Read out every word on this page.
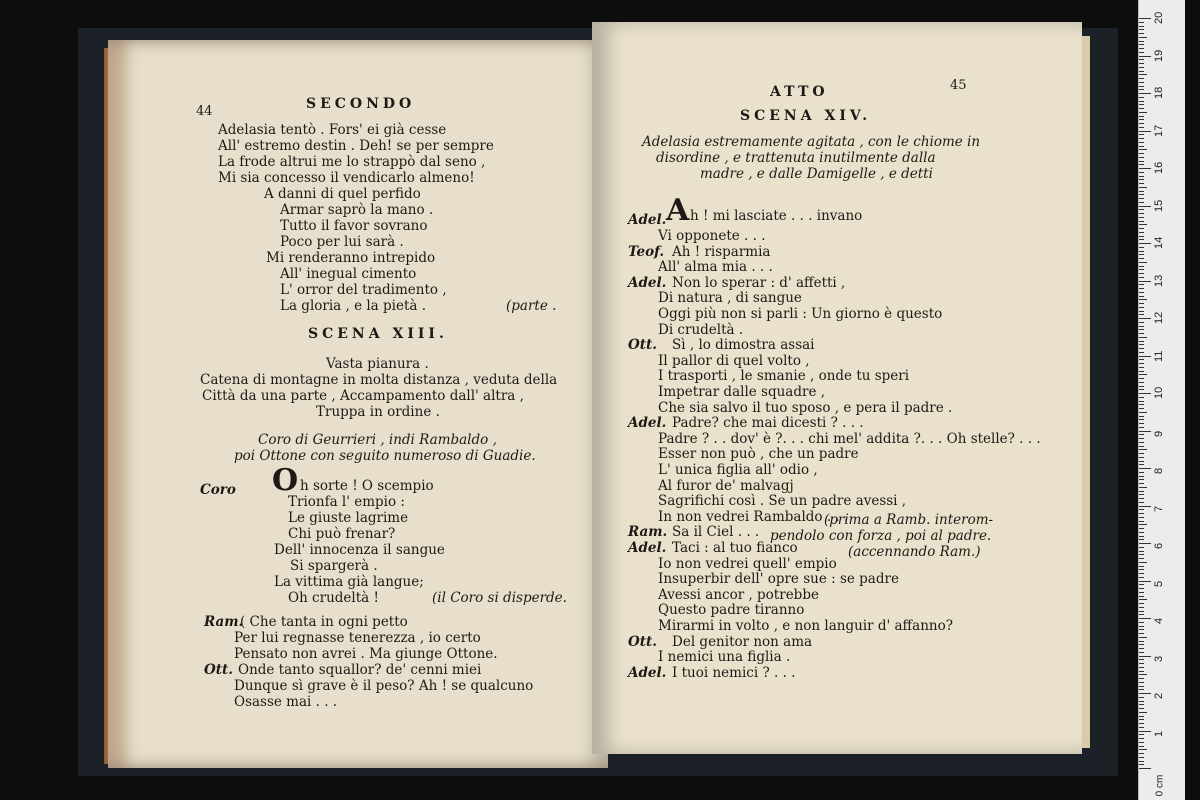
44	SECONDO
Adelasia tentò . Fors' ei già cesse
All' estremo destin . Deh! se per sempre
La frode altrui me lo strappò dal seno ,
Mi sia concesso il vendicarlo almeno!
A danni di quel perfido
Armar saprò la mano .
Tutto il favor sovrano
Poco per lui sarà .
Mi renderanno intrepido
All' inegual cimento
L' orror del tradimento ,
La gloria , e la pietà .	(parte .
SCENA XIII.
Vasta pianura .
Catena di montagne in molta distanza , veduta della
Città da una parte , Accampamento dall' altra ,
Truppa in ordine .
Coro di Geurrieri , indi Rambaldo ,
poi Ottone con seguito numeroso di Guadie.
Coro O h sorte ! O scempio
Trionfa l' empio :
Le giuste lagrime
Chi può frenar?
Dell' innocenza il sangue
Si spargerà .
La vittima già langue;
Oh crudeltà !	(il Coro si disperde.
Ram.
( Che tanta in ogni petto
Per lui regnasse tenerezza , io certo
Pensato non avrei . Ma giunge Ottone.
Ott. Onde tanto squallor? de' cenni miei
Dunque sì grave è il peso? Ah ! se qualcuno
Osasse mai . . .
ATTO	45
SCENA XIV.
Adelasia estremamente agitata , con le chiome in
disordine , e trattenuta inutilmente dalla
madre , e dalle Damigelle , e detti
Adel. A h ! mi lasciate . . . invano
Vi opponete . . .
Teof. Ah ! risparmia
All' alma mia . . .
Adel. Non lo sperar : d' affetti ,
Di natura , di sangue
Oggi più non si parli : Un giorno è questo
Di crudeltà .
Ott. Sì , lo dimostra assai
Il pallor di quel volto ,
I trasporti , le smanie , onde tu speri
Impetrar dalle squadre ,
Che sia salvo il tuo sposo , e pera il padre .
Adel. Padre? che mai dicesti ? . . .
Padre ? . . dov' è ?. . . chi mel' addita ?. . . Oh stelle? . . .
Esser non può , che un padre
L' unica figlia all' odio ,
Al furor de' malvagj
Sagrifichi così . Se un padre avessi ,
In non vedrei Rambaldo . . .
Ram. Sa il Ciel . . .
Adel. Taci : al tuo fianco
Io non vedrei quell' empio
Insuperbir dell' opre sue : se padre
Avessi ancor , potrebbe
Questo padre tiranno
Mirarmi in volto , e non languir d' affanno?
Ott. Del genitor non ama
I nemici una figlia .
Adel. I tuoi nemici ? . . .
(prima a Ramb. interom-
pendolo con forza , poi al padre.
(accennando Ram.)
1
2
3
4
5
6
7
8
9
10
11
12
13
14
15
16
17
18
19
20
0 cm
